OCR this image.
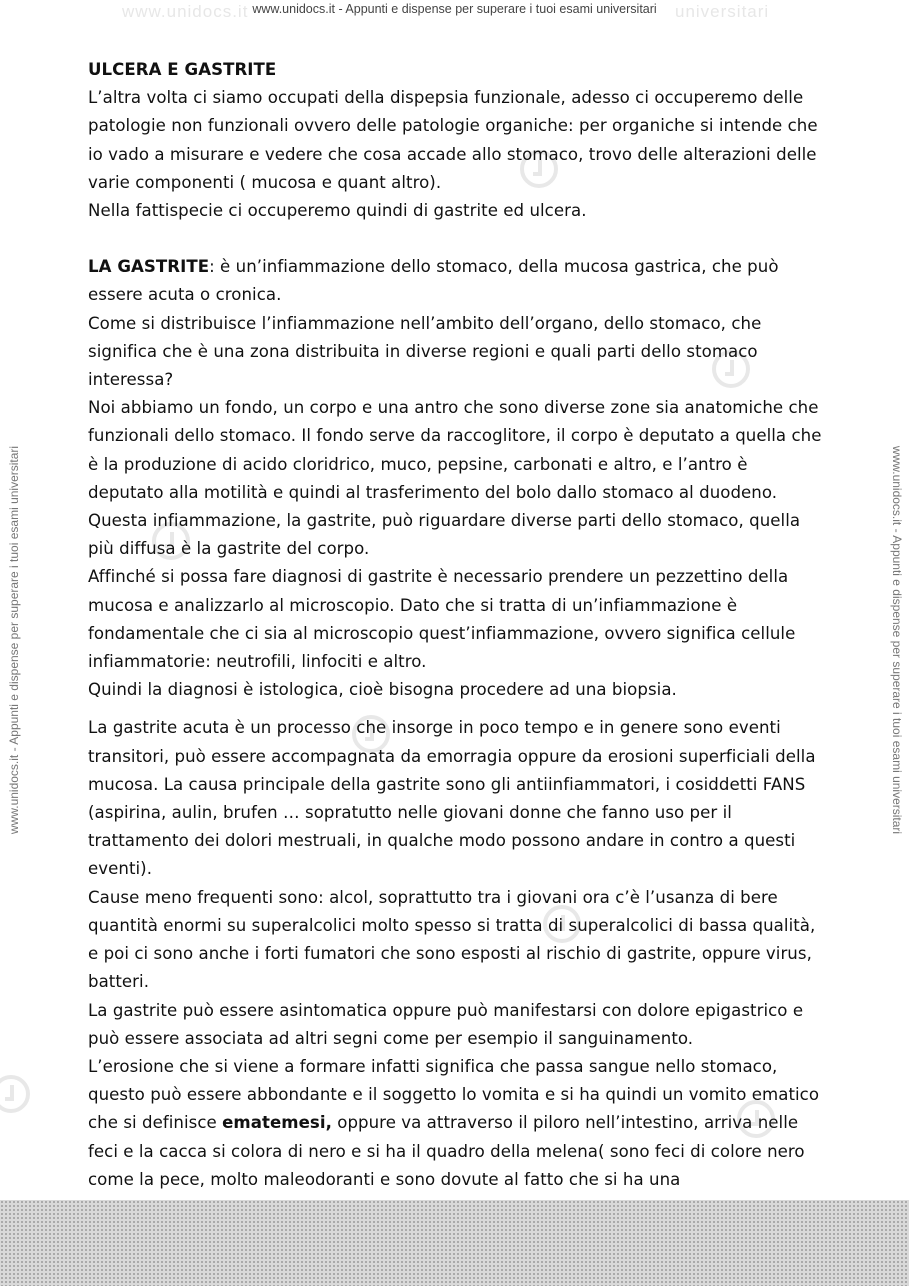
www.unidocs.it	universitari
www.unidocs.it - Appunti e dispense per superare i tuoi esami universitari
www.unidocs.it - Appunti e dispense per superare i tuoi esami universitari	www.unidocs.it - Appunti e dispense per superare i tuoi esami universitari

ULCERA E GASTRITE

L’altra volta ci siamo occupati della dispepsia funzionale, adesso ci occuperemo delle patologie non funzionali ovvero delle patologie organiche: per organiche si intende che io vado a misurare e vedere che cosa accade allo stomaco, trovo delle alterazioni delle varie componenti ( mucosa e quant altro).

Nella fattispecie ci occuperemo quindi di gastrite ed ulcera.

LA GASTRITE: è un’infiammazione dello stomaco, della mucosa gastrica, che può essere acuta o cronica.

Come si distribuisce l’infiammazione nell’ambito dell’organo, dello stomaco, che significa che è una zona distribuita in diverse regioni e quali parti dello stomaco interessa?

Noi abbiamo un fondo, un corpo e una antro che sono diverse zone sia anatomiche che funzionali dello stomaco. Il fondo serve da raccoglitore, il corpo è deputato a quella che è la produzione di acido cloridrico, muco, pepsine, carbonati e altro, e l’antro è deputato alla motilità e quindi al trasferimento del bolo dallo stomaco al duodeno. Questa infiammazione, la gastrite, può riguardare diverse parti dello stomaco, quella più diffusa è la gastrite del corpo.

Affinché si possa fare diagnosi di gastrite è necessario prendere un pezzettino della mucosa e analizzarlo al microscopio. Dato che si tratta di un’infiammazione è fondamentale che ci sia al microscopio quest’infiammazione, ovvero significa cellule infiammatorie: neutrofili, linfociti e altro.

Quindi la diagnosi è istologica, cioè bisogna procedere ad una biopsia.

La gastrite acuta è un processo che insorge in poco tempo e in genere sono eventi transitori, può essere accompagnata da emorragia oppure da erosioni superficiali della mucosa. La causa principale della gastrite sono gli antiinfiammatori, i cosiddetti FANS (aspirina, aulin, brufen … sopratutto nelle giovani donne che fanno uso per il trattamento dei dolori mestruali, in qualche modo possono andare in contro a questi eventi).

Cause meno frequenti sono: alcol, soprattutto tra i giovani ora c’è l’usanza di bere quantità enormi su superalcolici molto spesso si tratta di superalcolici di bassa qualità, e poi ci sono anche i forti fumatori che sono esposti al rischio di gastrite, oppure virus, batteri.

La gastrite può essere asintomatica oppure può manifestarsi con dolore epigastrico e può essere associata ad altri segni come per esempio il sanguinamento.

L’erosione che si viene a formare infatti significa che passa sangue nello stomaco, questo può essere abbondante e il soggetto lo vomita e si ha quindi un vomito ematico che si definisce ematemesi, oppure va attraverso il piloro nell’intestino, arriva nelle feci e la cacca si colora di nero e si ha il quadro della melena( sono feci di colore nero come la pece, molto maleodoranti e sono dovute al fatto che si ha una
